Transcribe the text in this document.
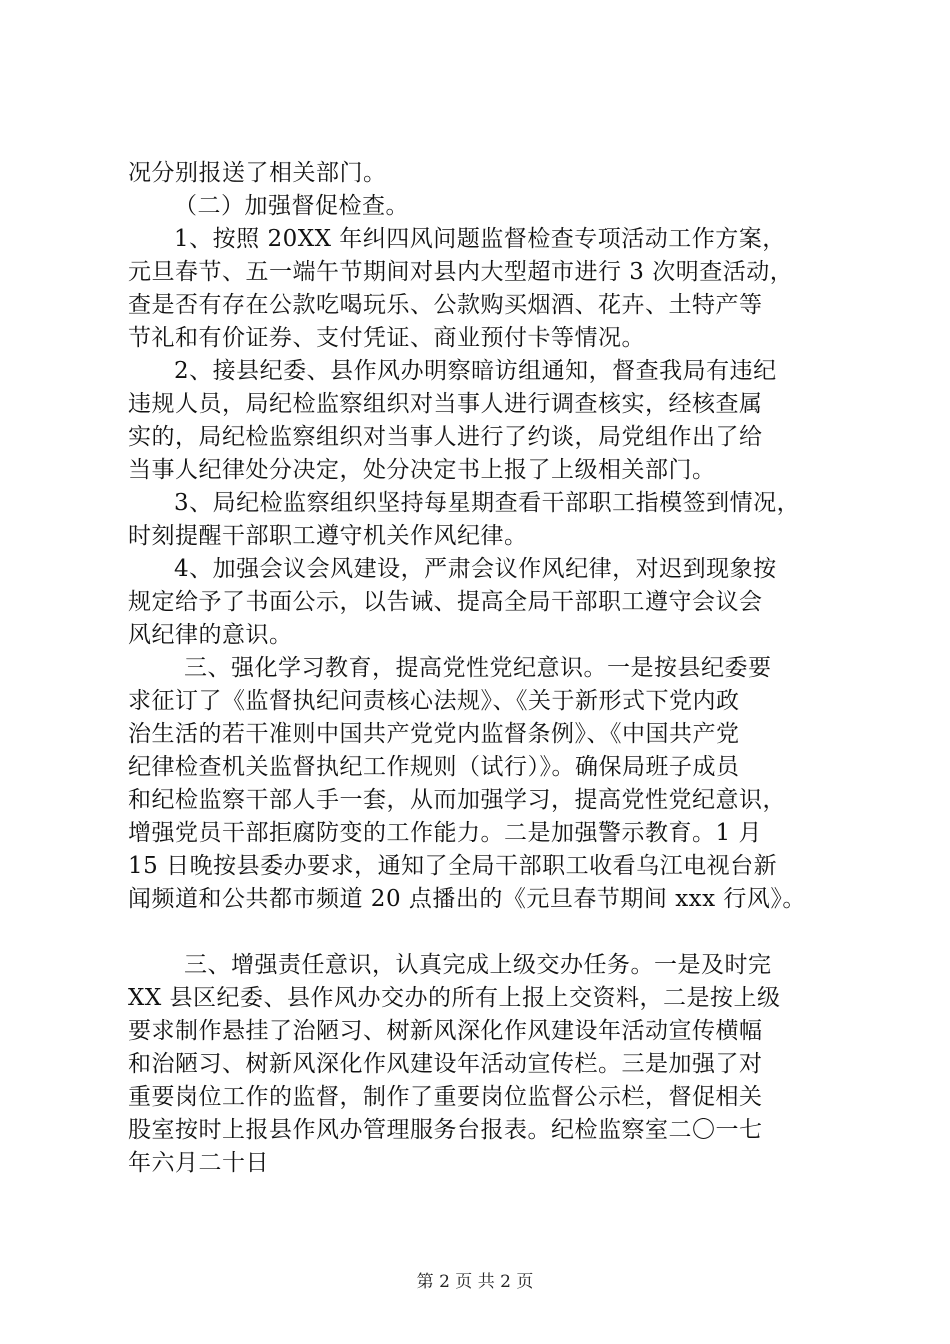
况分别报送了相关部门。
（二）加强督促检查。
1、按照 20XX 年纠四风问题监督检查专项活动工作方案，
元旦春节、五一端午节期间对县内大型超市进行 3 次明查活动，
查是否有存在公款吃喝玩乐、公款购买烟酒、花卉、土特产等
节礼和有价证券、支付凭证、商业预付卡等情况。
2、接县纪委、县作风办明察暗访组通知，督查我局有违纪
违规人员，局纪检监察组织对当事人进行调查核实，经核查属
实的，局纪检监察组织对当事人进行了约谈，局党组作出了给
当事人纪律处分决定，处分决定书上报了上级相关部门。
3、局纪检监察组织坚持每星期查看干部职工指模签到情况，
时刻提醒干部职工遵守机关作风纪律。
4、加强会议会风建设，严肃会议作风纪律，对迟到现象按
规定给予了书面公示，以告诫、提高全局干部职工遵守会议会
风纪律的意识。
三、强化学习教育，提高党性党纪意识。一是按县纪委要
求征订了《监督执纪问责核心法规》、《关于新形式下党内政
治生活的若干准则中国共产党党内监督条例》、《中国共产党
纪律检查机关监督执纪工作规则（试行）》。确保局班子成员
和纪检监察干部人手一套，从而加强学习，提高党性党纪意识，
增强党员干部拒腐防变的工作能力。二是加强警示教育。1 月
15 日晚按县委办要求，通知了全局干部职工收看乌江电视台新
闻频道和公共都市频道 20 点播出的《元旦春节期间 xxx 行风》。
三、增强责任意识，认真完成上级交办任务。一是及时完
XX 县区纪委、县作风办交办的所有上报上交资料，二是按上级
要求制作悬挂了治陋习、树新风深化作风建设年活动宣传横幅
和治陋习、树新风深化作风建设年活动宣传栏。三是加强了对
重要岗位工作的监督，制作了重要岗位监督公示栏，督促相关
股室按时上报县作风办管理服务台报表。纪检监察室二〇一七
年六月二十日
第 2 页 共 2 页
